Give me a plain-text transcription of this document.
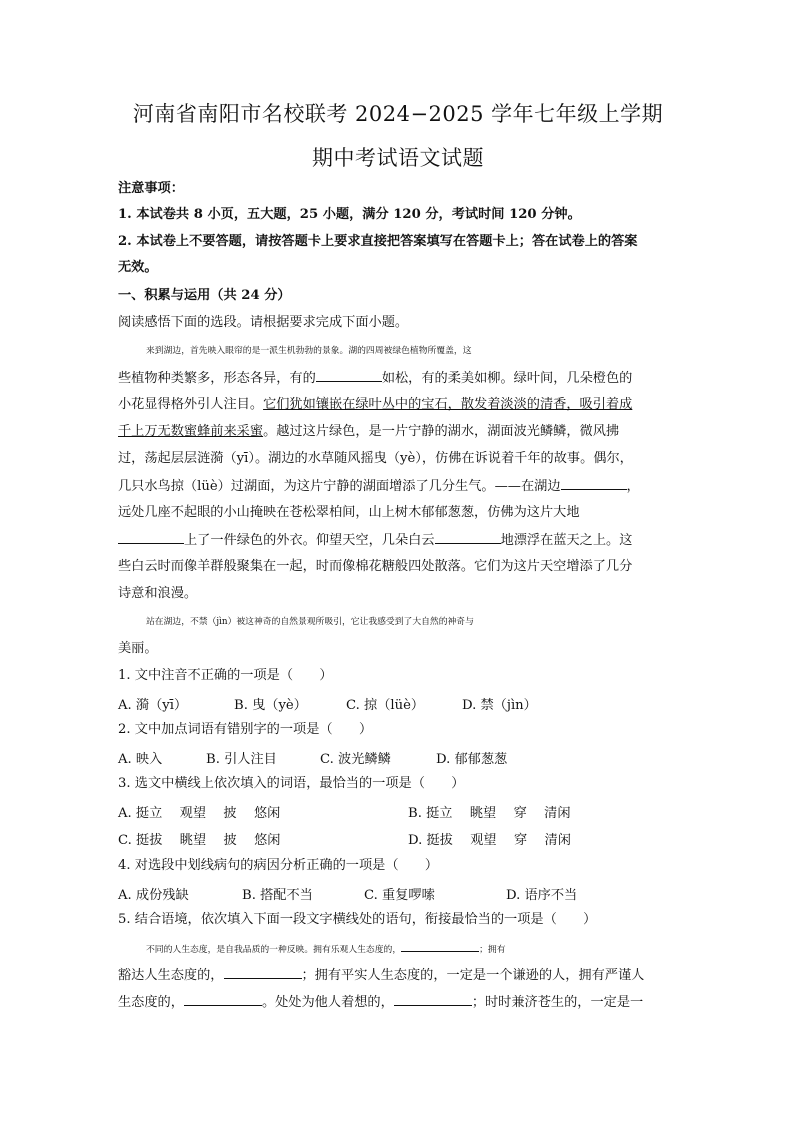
河南省南阳市名校联考 2024−2025 学年七年级上学期
期中考试语文试题
注意事项：
1. 本试卷共 8 小页，五大题，25 小题，满分 120 分，考试时间 120 分钟。
2. 本试卷上不要答题，请按答题卡上要求直接把答案填写在答题卡上；答在试卷上的答案
无效。
一、积累与运用（共 24 分）
阅读感悟下面的选段。请根据要求完成下面小题。
来到湖边，首先映入眼帘的是一派生机勃勃的景象。湖的四周被绿色植物所覆盖，这
些植物种类繁多，形态各异，有的	如松，有的柔美如柳。绿叶间，几朵橙色的
小花显得格外引人注目。它们犹如镶嵌在绿叶丛中的宝石，散发着淡淡的清香，吸引着成
千上万无数蜜蜂前来采蜜。越过这片绿色，是一片宁静的湖水，湖面波光鳞鳞，微风拂
过，荡起层层涟漪（yī）。湖边的水草随风摇曳（yè），仿佛在诉说着千年的故事。偶尔，
几只水鸟掠（lüè）过湖面，为这片宁静的湖面增添了几分生气。——在湖边	，
远处几座不起眼的小山掩映在苍松翠柏间，山上树木郁郁葱葱，仿佛为这片大地
上了一件绿色的外衣。仰望天空，几朵白云	地漂浮在蓝天之上。这
些白云时而像羊群般聚集在一起，时而像棉花糖般四处散落。它们为这片天空增添了几分
诗意和浪漫。
站在湖边，不禁（jìn）被这神奇的自然景观所吸引，它让我感受到了大自然的神奇与
美丽。
1. 文中注音不正确的一项是（　　）
A. 漪（yī）	B. 曳（yè）	C. 掠（lüè）	D. 禁（jìn）
2. 文中加点词语有错别字的一项是（　　）
A. 映入	B. 引人注目	C. 波光鳞鳞	D. 郁郁葱葱
3. 选文中横线上依次填入的词语，最恰当的一项是（　　）
A. 挺立　 观望　 披　 悠闲	B. 挺立　 眺望　 穿　 清闲
C. 挺拔　 眺望　 披　 悠闲	D. 挺拔　 观望　 穿　 清闲
4. 对选段中划线病句的病因分析正确的一项是（　　）
A. 成份残缺	B. 搭配不当	C. 重复啰嗦	D. 语序不当
5. 结合语境，依次填入下面一段文字横线处的语句，衔接最恰当的一项是（　　）
不同的人生态度，是自我品质的一种反映。拥有乐观人生态度的，	；拥有
豁达人生态度的，	；拥有平实人生态度的，一定是一个谦逊的人，拥有严谨人
生态度的，	。处处为他人着想的，	；时时兼济苍生的，一定是一
